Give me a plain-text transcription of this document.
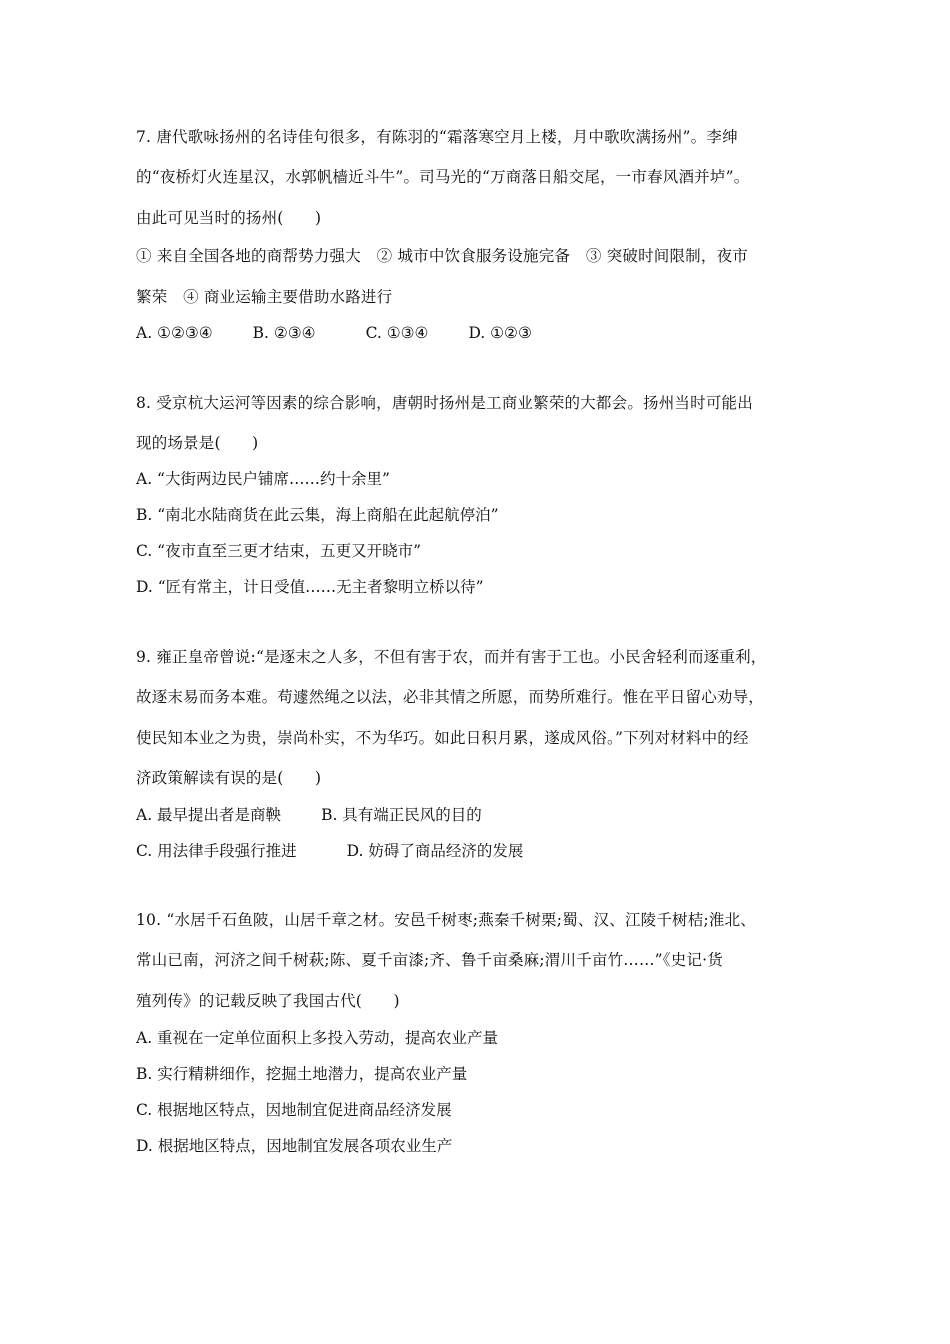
7. 唐代歌咏扬州的名诗佳句很多，有陈羽的“霜落寒空月上楼，月中歌吹满扬州”。李绅
的“夜桥灯火连星汉，水郭帆樯近斗牛”。司马光的“万商落日船交尾，一市春风酒并垆”。
由此可见当时的扬州(　　)
① 来自全国各地的商帮势力强大　② 城市中饮食服务设施完备　③ 突破时间限制，夜市
繁荣　④ 商业运输主要借助水路进行
A. ①②③④	B. ②③④	C. ①③④	D. ①②③
8. 受京杭大运河等因素的综合影响，唐朝时扬州是工商业繁荣的大都会。扬州当时可能出
现的场景是(　　)
A. “大街两边民户铺席……约十余里”
B. “南北水陆商货在此云集，海上商船在此起航停泊”
C. “夜市直至三更才结束，五更又开晓市”
D. “匠有常主，计日受值……无主者黎明立桥以待”
9. 雍正皇帝曾说:“是逐末之人多，不但有害于农，而并有害于工也。小民舍轻利而逐重利，
故逐末易而务本难。苟遽然绳之以法，必非其情之所愿，而势所难行。惟在平日留心劝导，
使民知本业之为贵，崇尚朴实，不为华巧。如此日积月累，遂成风俗。”下列对材料中的经
济政策解读有误的是(　　)
A. 最早提出者是商鞅	B. 具有端正民风的目的
C. 用法律手段强行推进	D. 妨碍了商品经济的发展
10. “水居千石鱼陂，山居千章之材。安邑千树枣;燕秦千树栗;蜀、汉、江陵千树桔;淮北、
常山已南，河济之间千树萩;陈、夏千亩漆;齐、鲁千亩桑麻;渭川千亩竹……”《史记·货
殖列传》的记载反映了我国古代(　　)
A. 重视在一定单位面积上多投入劳动，提高农业产量
B. 实行精耕细作，挖掘土地潜力，提高农业产量
C. 根据地区特点，因地制宜促进商品经济发展
D. 根据地区特点，因地制宜发展各项农业生产
